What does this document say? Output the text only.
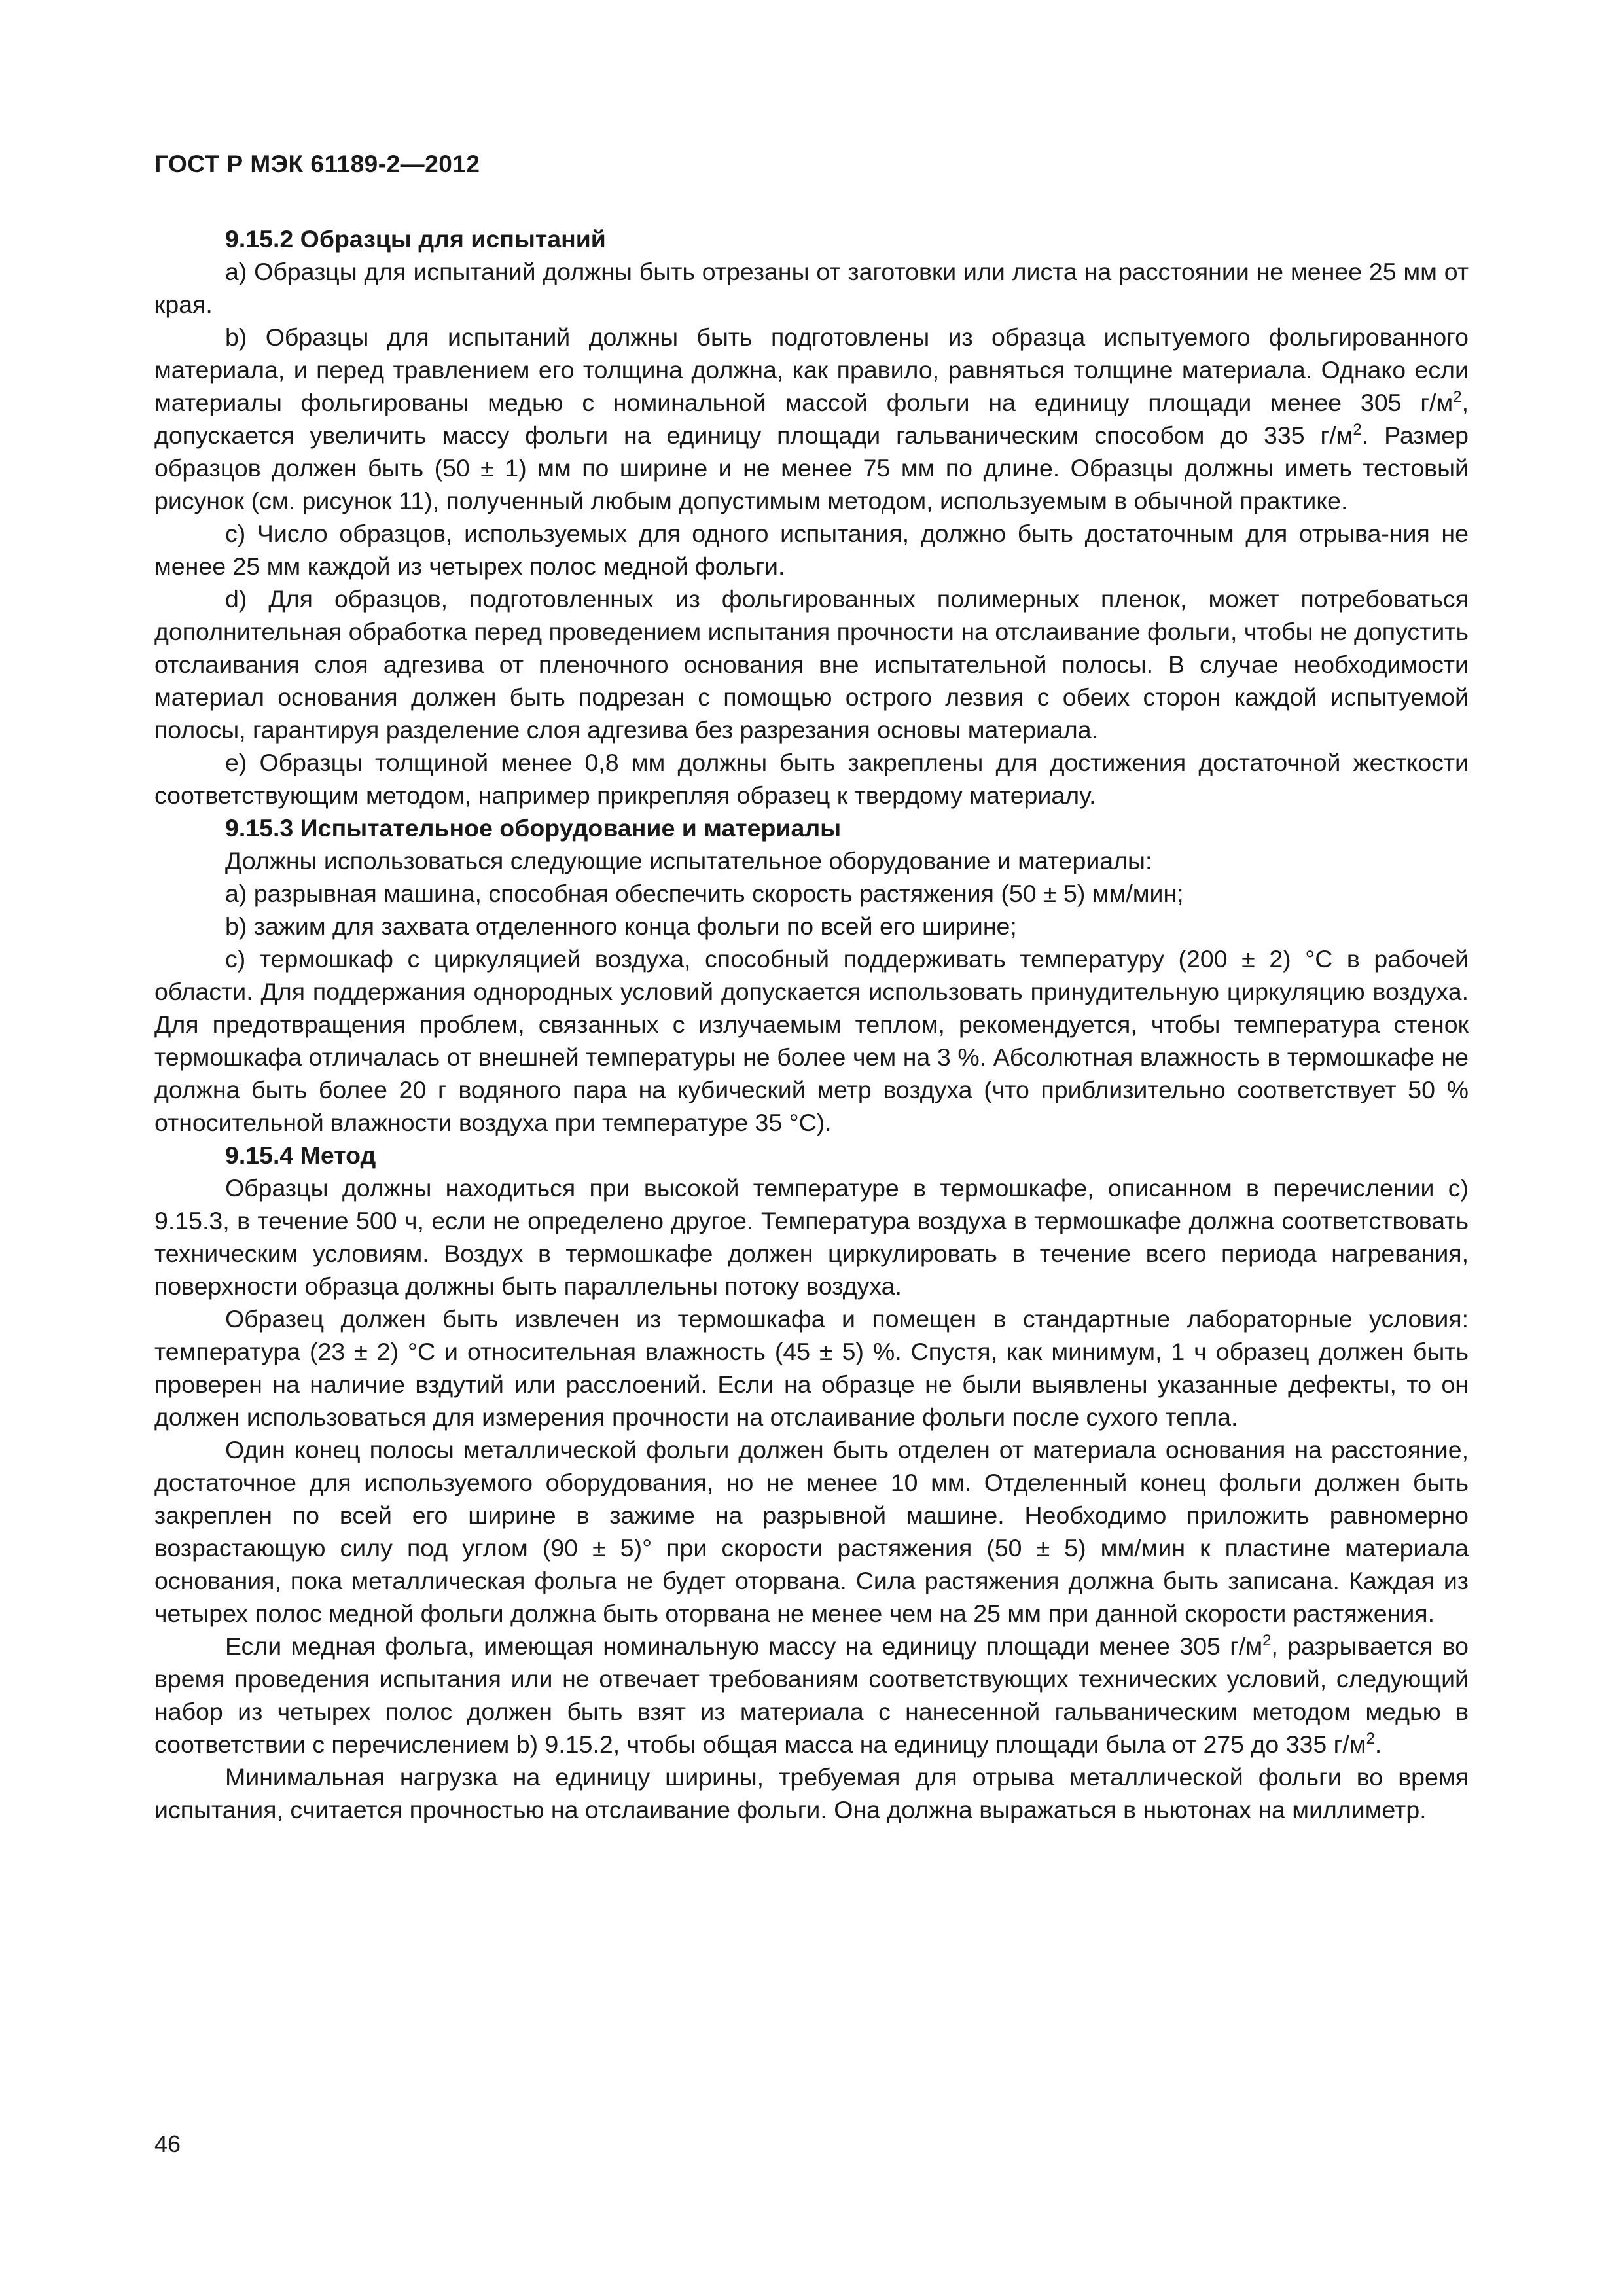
ГОСТ Р МЭК 61189-2—2012

9.15.2 Образцы для испытаний

a) Образцы для испытаний должны быть отрезаны от заготовки или листа на расстоянии не менее 25 мм от края.

b) Образцы для испытаний должны быть подготовлены из образца испытуемого фольгированного материала, и перед травлением его толщина должна, как правило, равняться толщине материала. Однако если материалы фольгированы медью с номинальной массой фольги на единицу площади менее 305 $г/м^2$, допускается увеличить массу фольги на единицу площади гальваническим способом до 335 $г/м^2$. Размер образцов должен быть (50 ± 1) мм по ширине и не менее 75 мм по длине. Образцы должны иметь тестовый рисунок (см. рисунок 11), полученный любым допустимым методом, используемым в обычной практике.

c) Число образцов, используемых для одного испытания, должно быть достаточным для отрыва-ния не менее 25 мм каждой из четырех полос медной фольги.

d) Для образцов, подготовленных из фольгированных полимерных пленок, может потребоваться дополнительная обработка перед проведением испытания прочности на отслаивание фольги, чтобы не допустить отслаивания слоя адгезива от пленочного основания вне испытательной полосы. В случае необходимости материал основания должен быть подрезан с помощью острого лезвия с обеих сторон каждой испытуемой полосы, гарантируя разделение слоя адгезива без разрезания основы материала.

e) Образцы толщиной менее 0,8 мм должны быть закреплены для достижения достаточной жесткости соответствующим методом, например прикрепляя образец к твердому материалу.

9.15.3 Испытательное оборудование и материалы

Должны использоваться следующие испытательное оборудование и материалы:

a) разрывная машина, способная обеспечить скорость растяжения (50 ± 5) мм/мин;

b) зажим для захвата отделенного конца фольги по всей его ширине;

c) термошкаф с циркуляцией воздуха, способный поддерживать температуру (200 ± 2) °С в рабочей области. Для поддержания однородных условий допускается использовать принудительную циркуляцию воздуха. Для предотвращения проблем, связанных с излучаемым теплом, рекомендуется, чтобы температура стенок термошкафа отличалась от внешней температуры не более чем на 3 %. Абсолютная влажность в термошкафе не должна быть более 20 г водяного пара на кубический метр воздуха (что приблизительно соответствует 50 % относительной влажности воздуха при температуре 35 °С).

9.15.4 Метод

Образцы должны находиться при высокой температуре в термошкафе, описанном в перечислении c) 9.15.3, в течение 500 ч, если не определено другое. Температура воздуха в термошкафе должна соответствовать техническим условиям. Воздух в термошкафе должен циркулировать в течение всего периода нагревания, поверхности образца должны быть параллельны потоку воздуха.

Образец должен быть извлечен из термошкафа и помещен в стандартные лабораторные условия: температура (23 ± 2) °С и относительная влажность (45 ± 5) %. Спустя, как минимум, 1 ч образец должен быть проверен на наличие вздутий или расслоений. Если на образце не были выявлены указанные дефекты, то он должен использоваться для измерения прочности на отслаивание фольги после сухого тепла.

Один конец полосы металлической фольги должен быть отделен от материала основания на расстояние, достаточное для используемого оборудования, но не менее 10 мм. Отделенный конец фольги должен быть закреплен по всей его ширине в зажиме на разрывной машине. Необходимо приложить равномерно возрастающую силу под углом (90 ± 5)° при скорости растяжения (50 ± 5) мм/мин к пластине материала основания, пока металлическая фольга не будет оторвана. Сила растяжения должна быть записана. Каждая из четырех полос медной фольги должна быть оторвана не менее чем на 25 мм при данной скорости растяжения.

Если медная фольга, имеющая номинальную массу на единицу площади менее 305 $г/м^2$, разрывается во время проведения испытания или не отвечает требованиям соответствующих технических условий, следующий набор из четырех полос должен быть взят из материала с нанесенной гальваническим методом медью в соответствии с перечислением b) 9.15.2, чтобы общая масса на единицу площади была от 275 до 335 $г/м^2$.

Минимальная нагрузка на единицу ширины, требуемая для отрыва металлической фольги во время испытания, считается прочностью на отслаивание фольги. Она должна выражаться в ньютонах на миллиметр.

46
